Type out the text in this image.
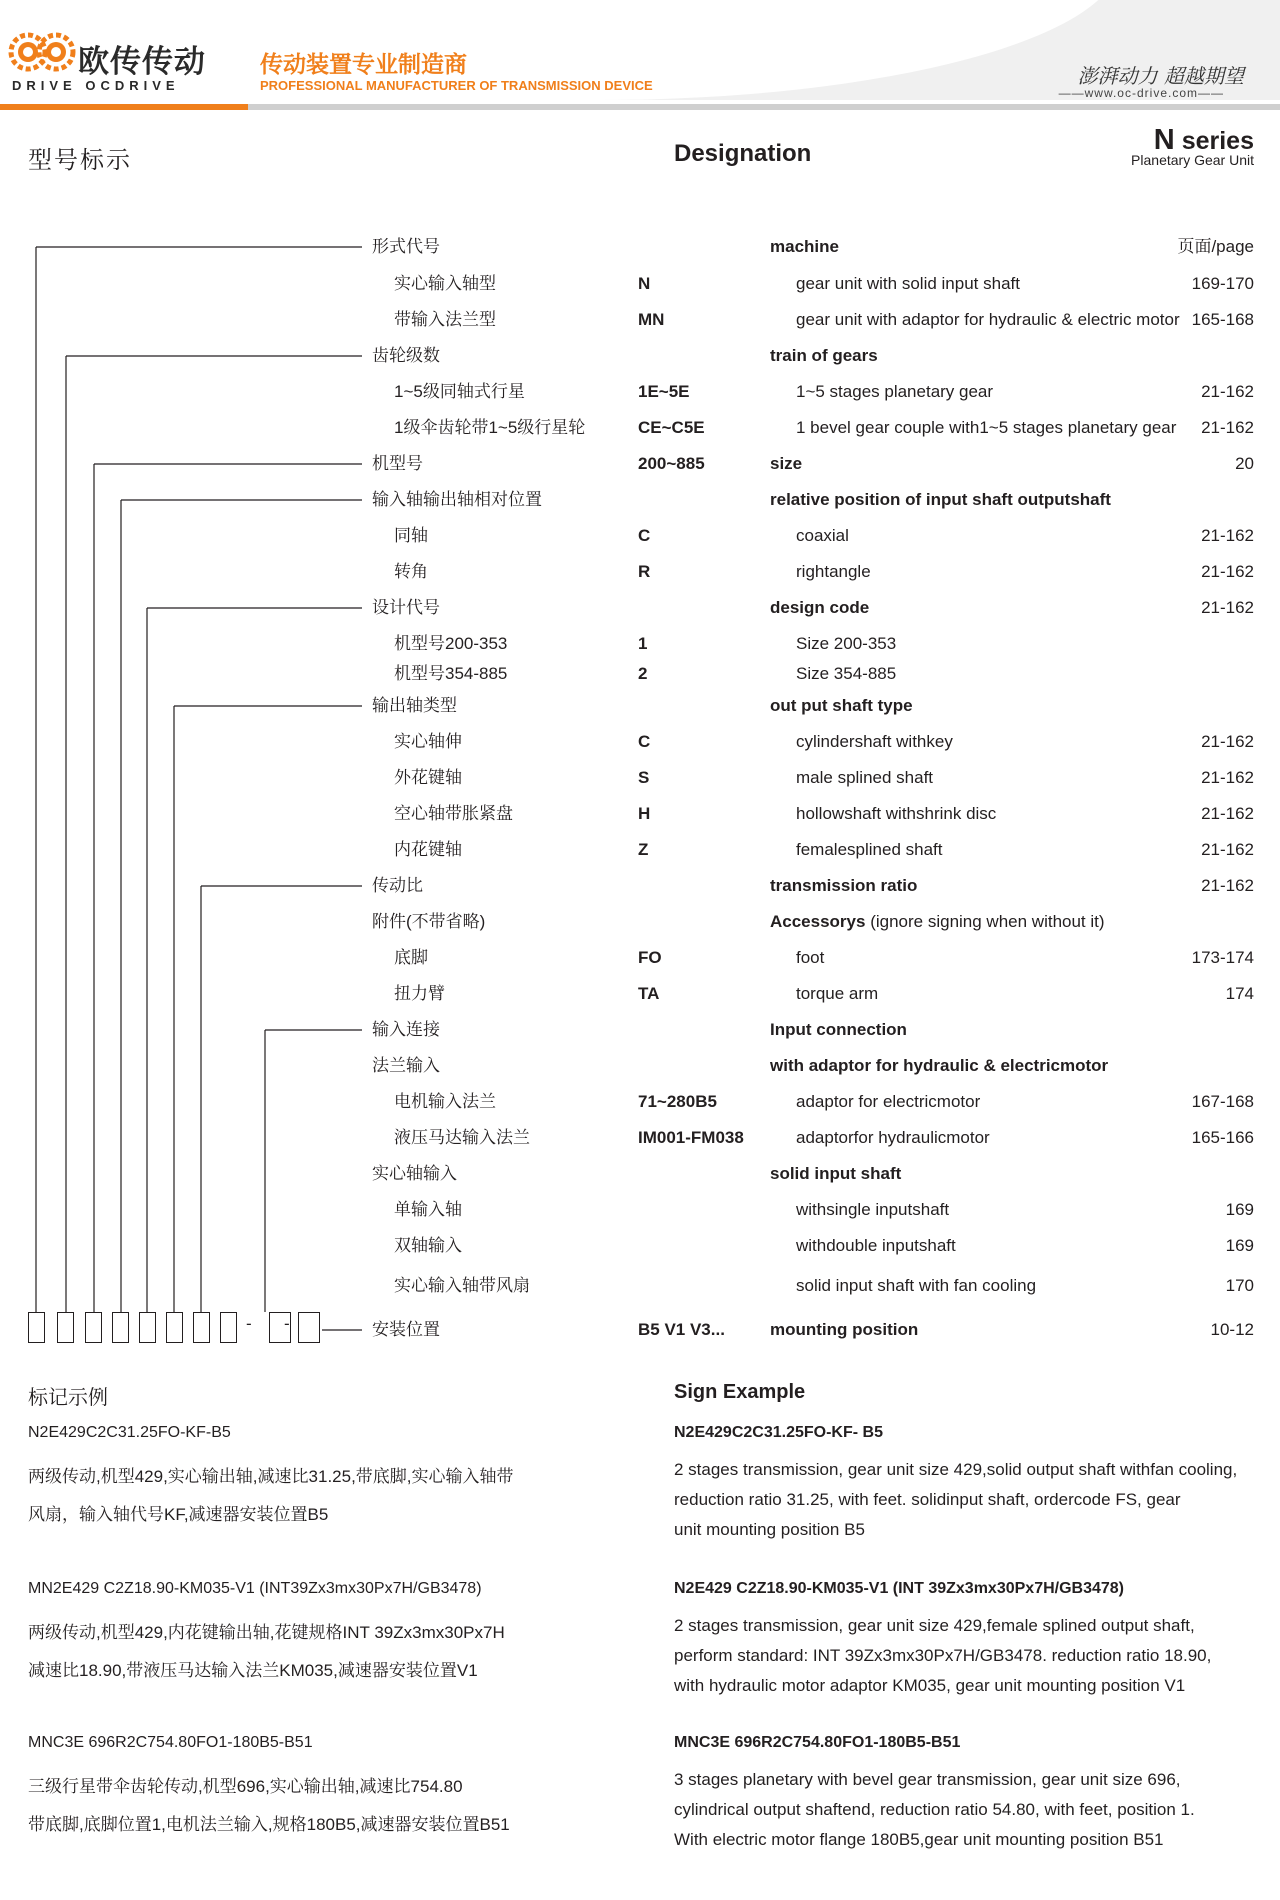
欧传传动
DRIVE OCDRIVE
传动装置专业制造商
PROFESSIONAL MANUFACTURER OF TRANSMISSION DEVICE	澎湃动力 超越期望
——www.oc-drive.com——
型号标示	Designation	N series
Planetary Gear Unit
形式代号	machine	页面/page
实心输入轴型	N	gear unit with solid input shaft	169-170
带输入法兰型	MN	gear unit with adaptor for hydraulic & electric motor 165-168
齿轮级数	train of gears
1~5级同轴式行星	1E~5E	1~5 stages planetary gear	21-162
1级伞齿轮带1~5级行星轮	CE~C5E	1 bevel gear couple with1~5 stages planetary gear	21-162
机型号	200~885	size	20
输入轴输出轴相对位置	relative position of input shaft outputshaft
同轴	C	coaxial	21-162
转角	R	rightangle	21-162
设计代号	design code	21-162
机型号200-353	1	Size 200-353
机型号354-885	2	Size 354-885
输出轴类型	out put shaft type
实心轴伸	C	cylindershaft withkey	21-162
外花键轴	S	male splined shaft	21-162
空心轴带胀紧盘	H	hollowshaft withshrink disc	21-162
内花键轴	Z	femalesplined shaft	21-162
传动比	transmission ratio	21-162
附件(不带省略)	Accessorys (ignore signing when without it)
底脚	FO	foot	173-174
扭力臂	TA	torque arm	174
输入连接	Input connection
法兰输入	with adaptor for hydraulic & electricmotor
电机输入法兰	71~280B5	adaptor for electricmotor	167-168
液压马达输入法兰	IM001-FM038	adaptorfor hydraulicmotor	165-166
实心轴输入	solid input shaft
单输入轴	withsingle inputshaft	169
双轴输入	withdouble inputshaft	169
实心输入轴带风扇	solid input shaft with fan cooling	170
安装位置	B5 V1 V3...	mounting position	10-12
- -
标记示例	Sign Example
N2E429C2C31.25FO-KF-B5
两级传动,机型429,实心输出轴,减速比31.25,带底脚,实心输入轴带
风扇，输入轴代号KF,减速器安装位置B5
N2E429C2C31.25FO-KF- B5
2 stages transmission, gear unit size 429,solid output shaft withfan cooling,
reduction ratio 31.25, with feet. solidinput shaft, ordercode FS, gear
unit mounting position B5
MN2E429 C2Z18.90-KM035-V1 (INT39Zx3mx30Px7H/GB3478)
两级传动,机型429,内花键输出轴,花键规格INT 39Zx3mx30Px7H
减速比18.90,带液压马达输入法兰KM035,减速器安装位置V1
N2E429 C2Z18.90-KM035-V1 (INT 39Zx3mx30Px7H/GB3478)
2 stages transmission, gear unit size 429,female splined output shaft,
perform standard: INT 39Zx3mx30Px7H/GB3478. reduction ratio 18.90,
with hydraulic motor adaptor KM035, gear unit mounting position V1
MNC3E 696R2C754.80FO1-180B5-B51
三级行星带伞齿轮传动,机型696,实心输出轴,减速比754.80
带底脚,底脚位置1,电机法兰输入,规格180B5,减速器安装位置B51
MNC3E 696R2C754.80FO1-180B5-B51
3 stages planetary with bevel gear transmission, gear unit size 696,
cylindrical output shaftend, reduction ratio 54.80, with feet, position 1.
With electric motor flange 180B5,gear unit mounting position B51
